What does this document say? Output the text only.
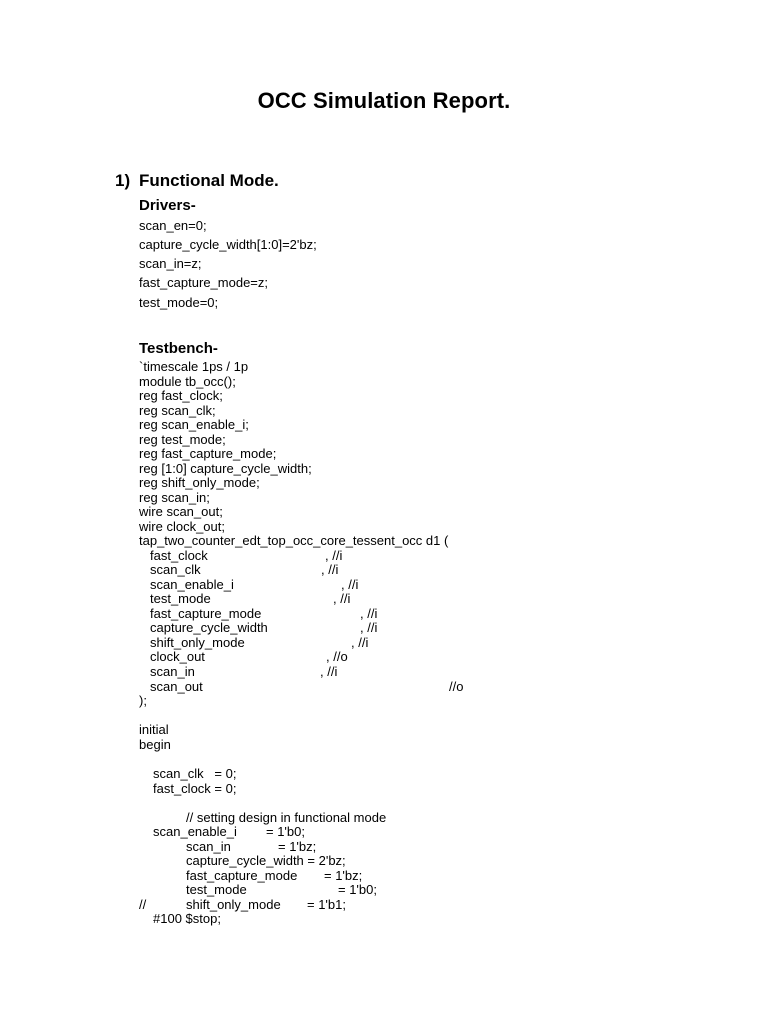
OCC Simulation Report.
1) Functional Mode.
Drivers-
scan_en=0;
capture_cycle_width[1:0]=2'bz;
scan_in=z;
fast_capture_mode=z;
test_mode=0;
Testbench-
`timescale 1ps / 1p
module tb_occ();
reg fast_clock;
reg scan_clk;
reg scan_enable_i;
reg test_mode;
reg fast_capture_mode;
reg [1:0] capture_cycle_width;
reg shift_only_mode;
reg scan_in;
wire scan_out;
wire clock_out;
tap_two_counter_edt_top_occ_core_tessent_occ d1 (
fast_clock	, //i
scan_clk	, //i
scan_enable_i	, //i
test_mode	, //i
fast_capture_mode	, //i
capture_cycle_width	, //i
shift_only_mode	, //i
clock_out	, //o
scan_in	, //i
scan_out	//o
);
initial
begin
scan_clk   = 0;
fast_clock = 0;
// setting design in functional mode
scan_enable_i = 1'b0;
scan_in	= 1'bz;
capture_cycle_width = 2'bz;
fast_capture_mode = 1'bz;
test_mode	= 1'b0;
//	shift_only_mode = 1'b1;
#100 $stop;
